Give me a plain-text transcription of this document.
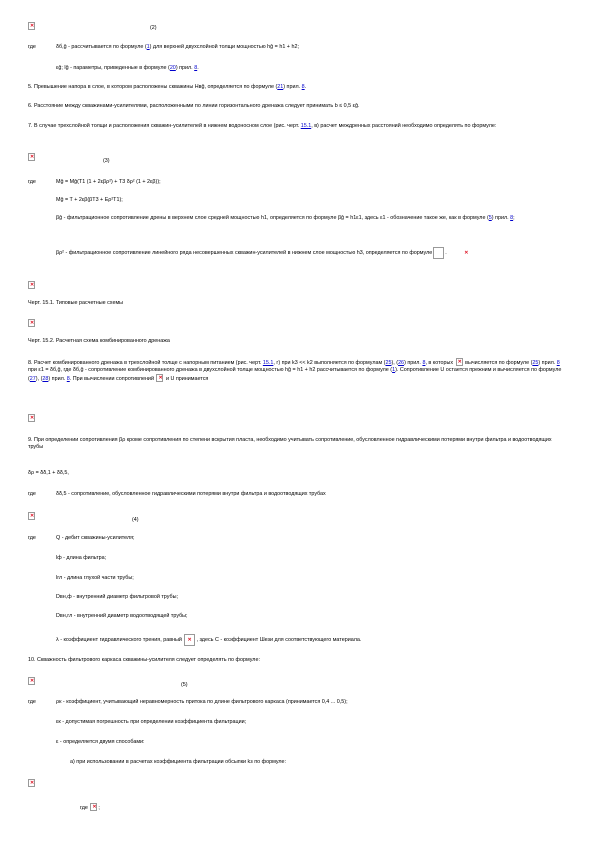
✕
(2)
где	δб,ĝ - рассчитывается по формуле (1) для верхней двухслойной толщи мощностью hĝ = h1 + h2;
εĝ; lĝ - параметры, приведенные в формуле (20) прил. 8.
5. Превышение напора в слое, в котором расположены скважины Hвĝ, определяется по формуле (21) прил. 8.
6. Расстояние между скважинами-усилителями, расположенными по линии горизонтального дренажа следует принимать b ≤ 0,5 εĝ.
7. В случае трехслойной толщи и расположения скважин-усилителей в нижнем водоносном слое (рис. черт. 15.1, в) расчет междренных расстояний необходимо определять по формуле:
✕
(3)
где	Мĝ = Мĝ(Т1 (1 + 2εβρ²) + T3 δρ² (1 + 2εβ));
Мĝ = T + 2εβ(βT3 + Eρ²T1);
βĝ - фильтрационное сопротивление дрены в верхнем слое средней мощностью h1, определяется по формуле βĝ = h1ε1, здесь ε1 - обозначение такое же, как в формуле (5) прил. 8;
βρ² - фильтрационное сопротивление линейного ряда несовершенных скважин-усилителей в нижнем слое мощностью h3, определяется по формуле ✕ .
✕
Черт. 15.1. Типовые расчетные схемы
✕
Черт. 15.2. Расчетная схема комбинированного дренажа
8. Расчет комбинированного дренажа в трехслойной толще с напорным питанием (рис. черт. 15.1, г) при k3 << k2 выполняется по формулам (25), (26) прил. 8, в которых ✕ вычисляется по формуле (25) прил. 8 при ε1 = δб,ĝ, где δб,ĝ - сопротивление комбинированного дренажа в двухслойной толще мощностью hĝ = h1 + h2 рассчитывается по формуле (1). Сопротивление U остается прежним и вычисляется по формуле (27), (28) прил. 8. При вычислении сопротивлений ✕ и U принимается
✕
9. При определении сопротивления βρ кроме сопротивления по степени вскрытия пласта, необходимо учитывать сопротивление, обусловленное гидравлическими потерями внутри фильтра и водоотводящих трубы
δρ = δδ,1 + δδ,5,
где	δδ,5 - сопротивление, обусловленное гидравлическими потерями внутри фильтра и водоотводящих трубах
✕
(4)
где	Q - дебит скважины-усилителя;
lф - длина фильтра;
lгл - длина глухой части трубы;
Dвн,ф - внутренний диаметр фильтровой трубы;
Dвн,гл - внутренний диаметр водоотводящей трубы;
λ - коэффициент гидравлического трения, равный ✕, здесь С - коэффициент Шези для соответствующего материала.
10. Скважность фильтрового каркаса скважины-усилителя следует определять по формуле:
✕
(5)
где	ρк - коэффициент, учитывающий неравномерность притока по длине фильтрового каркаса (принимается 0,4 ... 0,5);
εк - допустимая погрешность при определении коэффициента фильтрации;
ε - определяется двумя способами:
а) при использовании в расчетах коэффициента фильтрации обсыпки kз по формуле:
✕
где ✕ ;
